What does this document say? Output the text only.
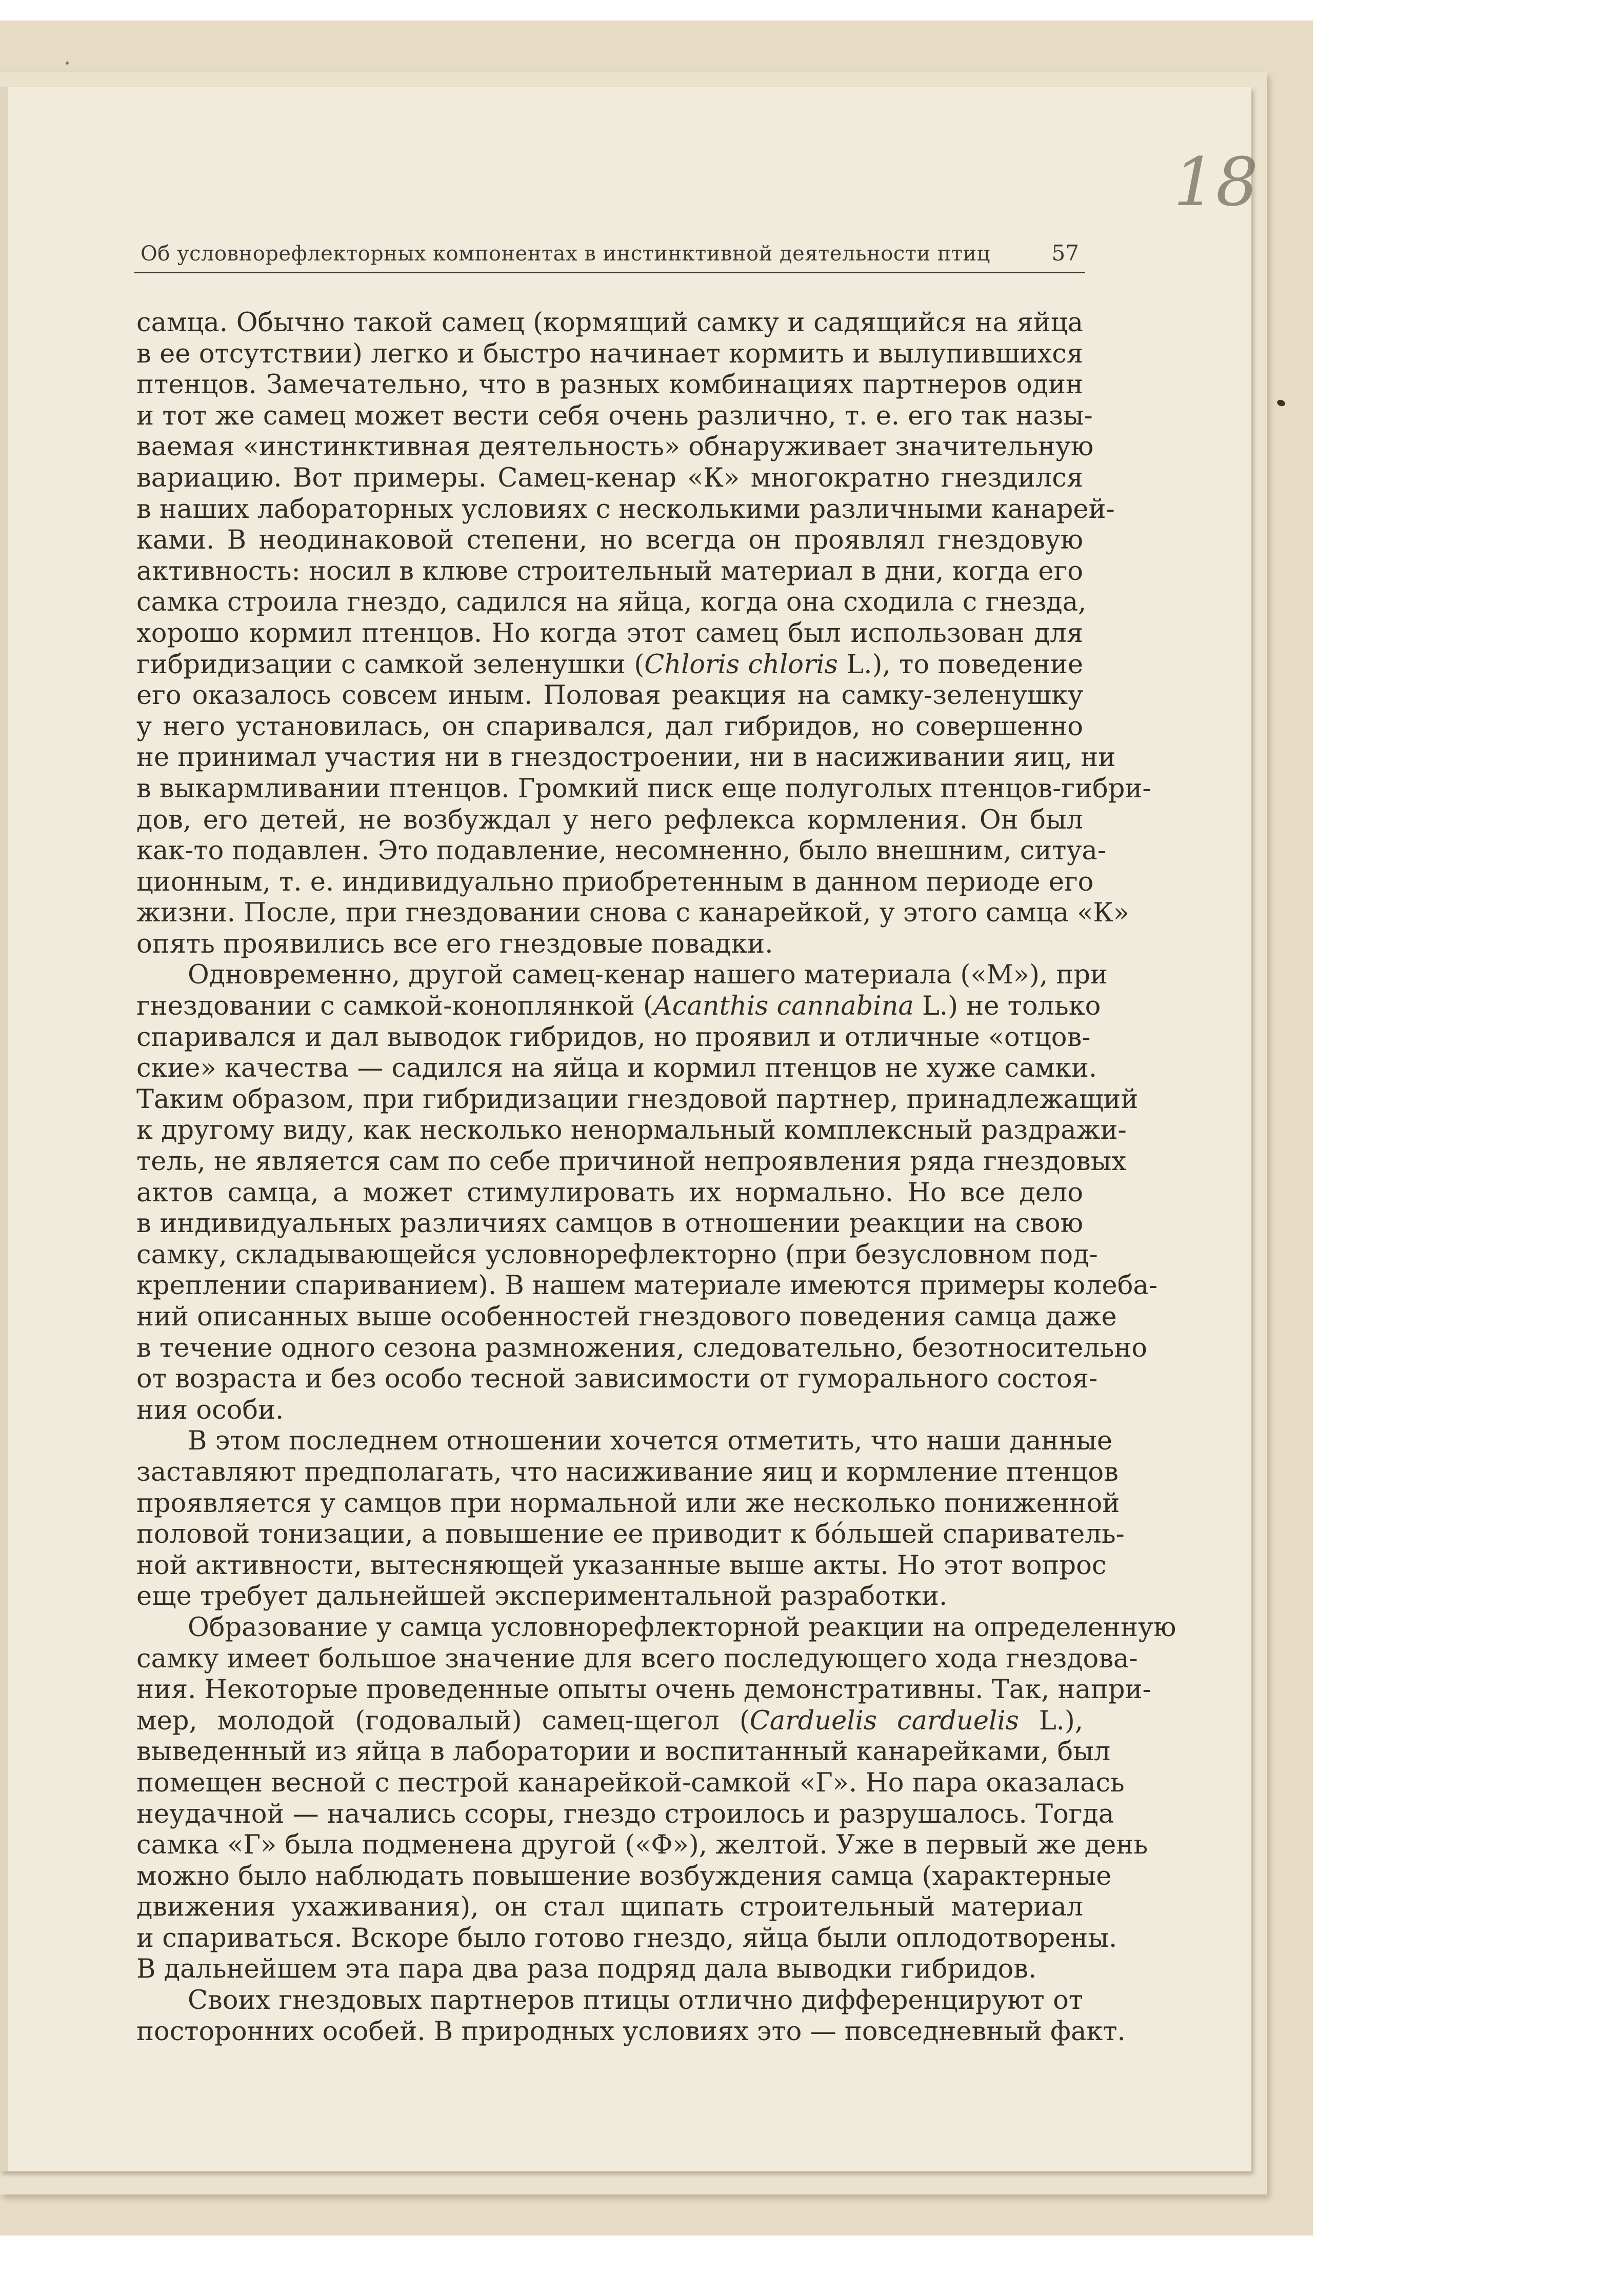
18
Об условнорефлекторных компонентах в инстинктивной деятельности птиц	57
самца. Обычно такой самец (кормящий самку и садящийся на яйца
в ее отсутствии) легко и быстро начинает кормить и вылупившихся
птенцов. Замечательно, что в разных комбинациях партнеров один
и тот же самец может вести себя очень различно, т. е. его так назы-
ваемая «инстинктивная деятельность» обнаруживает значительную
вариацию. Вот примеры. Самец-кенар «К» многократно гнездился
в наших лабораторных условиях с несколькими различными канарей-
ками. В неодинаковой степени, но всегда он проявлял гнездовую
активность: носил в клюве строительный материал в дни, когда его
самка строила гнездо, садился на яйца, когда она сходила с гнезда,
хорошо кормил птенцов. Но когда этот самец был использован для
гибридизации с самкой зеленушки (Chloris chloris L.), то поведение
его оказалось совсем иным. Половая реакция на самку-зеленушку
у него установилась, он спаривался, дал гибридов, но совершенно
не принимал участия ни в гнездостроении, ни в насиживании яиц, ни
в выкармливании птенцов. Громкий писк еще полуголых птенцов-гибри-
дов, его детей, не возбуждал у него рефлекса кормления. Он был
как-то подавлен. Это подавление, несомненно, было внешним, ситуа-
ционным, т. е. индивидуально приобретенным в данном периоде его
жизни. После, при гнездовании снова с канарейкой, у этого самца «К»
опять проявились все его гнездовые повадки.
Одновременно, другой самец-кенар нашего материала («М»), при
гнездовании с самкой-коноплянкой (Acanthis cannabina L.) не только
спаривался и дал выводок гибридов, но проявил и отличные «отцов-
ские» качества — садился на яйца и кормил птенцов не хуже самки.
Таким образом, при гибридизации гнездовой партнер, принадлежащий
к другому виду, как несколько ненормальный комплексный раздражи-
тель, не является сам по себе причиной непроявления ряда гнездовых
актов самца, а может стимулировать их нормально. Но все дело
в индивидуальных различиях самцов в отношении реакции на свою
самку, складывающейся условнорефлекторно (при безусловном под-
креплении спариванием). В нашем материале имеются примеры колеба-
ний описанных выше особенностей гнездового поведения самца даже
в течение одного сезона размножения, следовательно, безотносительно
от возраста и без особо тесной зависимости от гуморального состоя-
ния особи.
В этом последнем отношении хочется отметить, что наши данные
заставляют предполагать, что насиживание яиц и кормление птенцов
проявляется у самцов при нормальной или же несколько пониженной
половой тонизации, а повышение ее приводит к бóльшей спариватель-
ной активности, вытесняющей указанные выше акты. Но этот вопрос
еще требует дальнейшей экспериментальной разработки.
Образование у самца условнорефлекторной реакции на определенную
самку имеет большое значение для всего последующего хода гнездова-
ния. Некоторые проведенные опыты очень демонстративны. Так, напри-
мер, молодой (годовалый) самец-щегол (Carduelis carduelis L.),
выведенный из яйца в лаборатории и воспитанный канарейками, был
помещен весной с пестрой канарейкой-самкой «Г». Но пара оказалась
неудачной — начались ссоры, гнездо строилось и разрушалось. Тогда
самка «Г» была подменена другой («Ф»), желтой. Уже в первый же день
можно было наблюдать повышение возбуждения самца (характерные
движения ухаживания), он стал щипать строительный материал
и спариваться. Вскоре было готово гнездо, яйца были оплодотворены.
В дальнейшем эта пара два раза подряд дала выводки гибридов.
Своих гнездовых партнеров птицы отлично дифференцируют от
посторонних особей. В природных условиях это — повседневный факт.
